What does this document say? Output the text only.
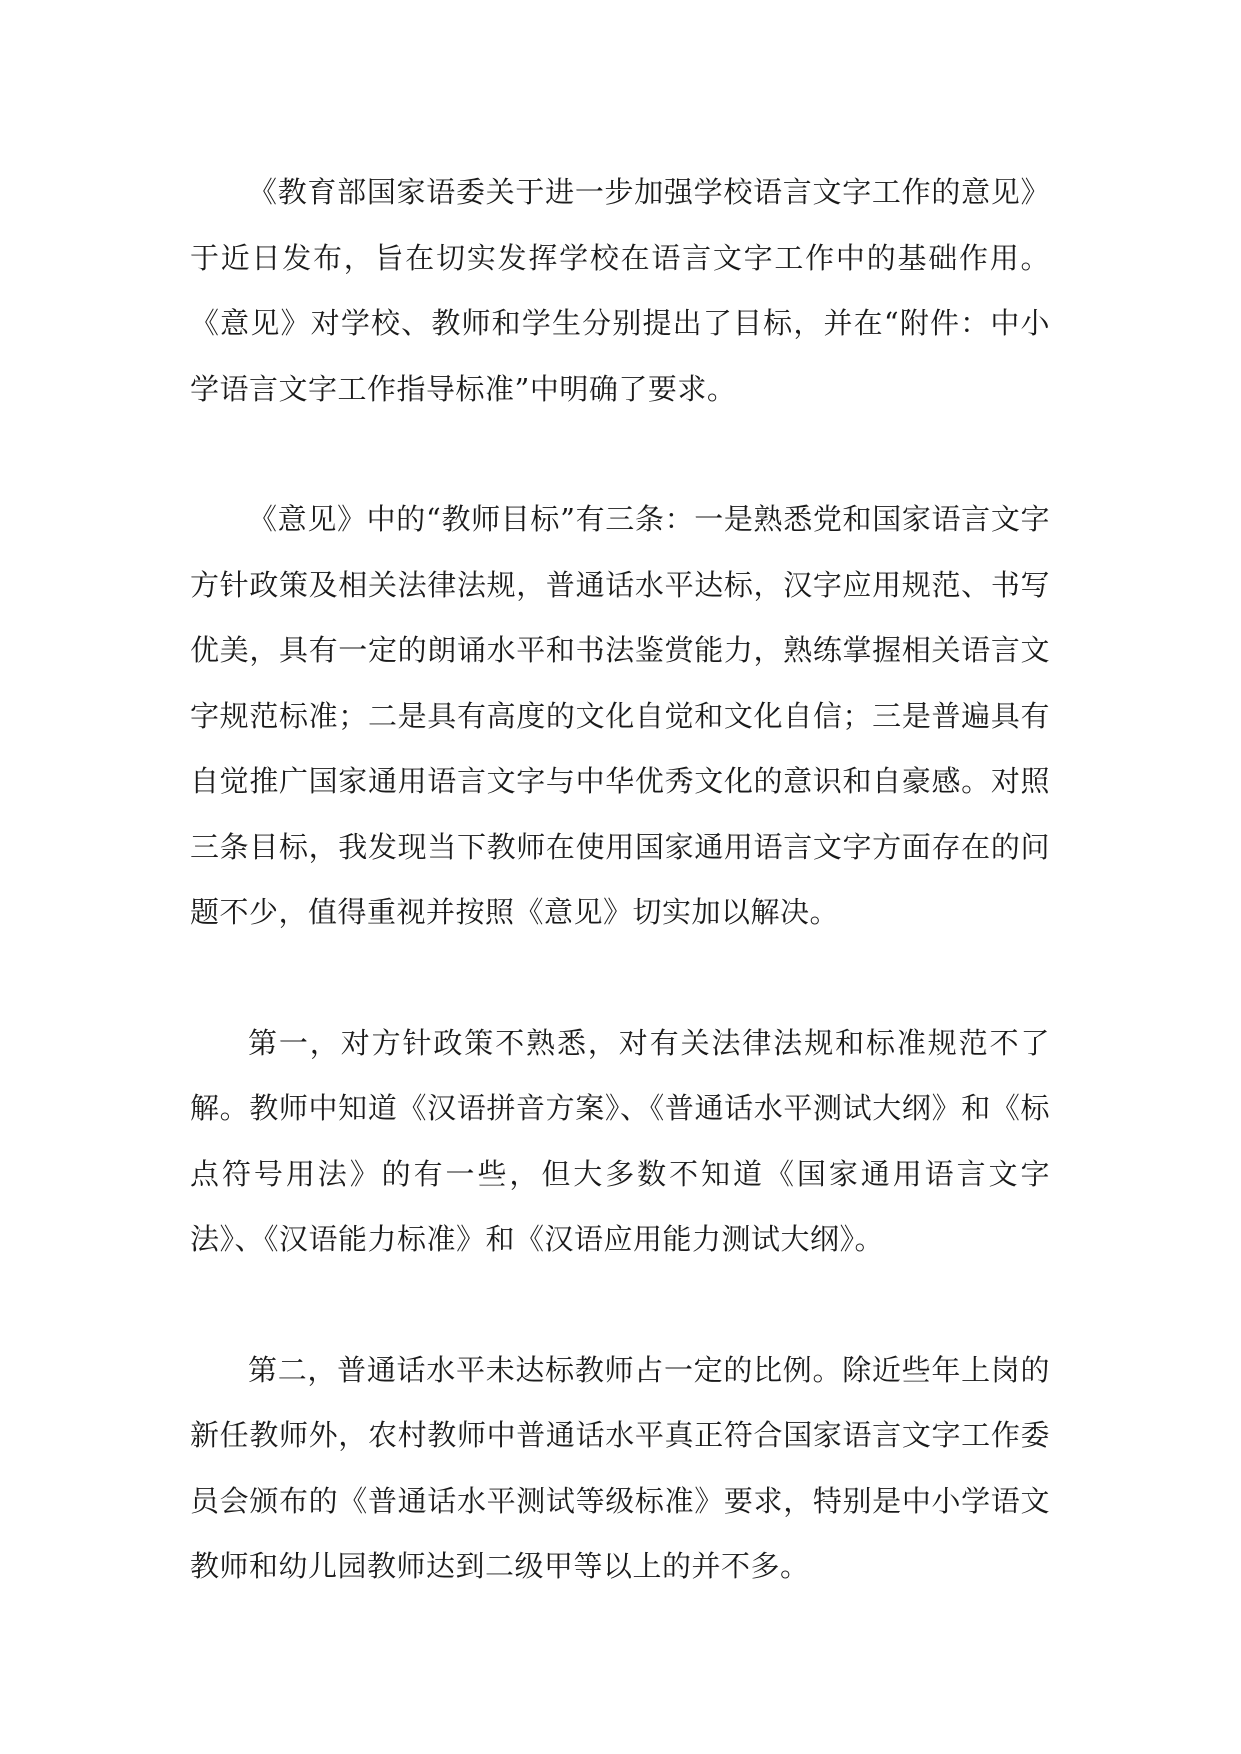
《教育部国家语委关于进一步加强学校语言文字工作的意见》于近日发布，旨在切实发挥学校在语言文字工作中的基础作用。《意见》对学校、教师和学生分别提出了目标，并在“附件：中小学语言文字工作指导标准”中明确了要求。

《意见》中的“教师目标”有三条：一是熟悉党和国家语言文字方针政策及相关法律法规，普通话水平达标，汉字应用规范、书写优美，具有一定的朗诵水平和书法鉴赏能力，熟练掌握相关语言文字规范标准；二是具有高度的文化自觉和文化自信；三是普遍具有自觉推广国家通用语言文字与中华优秀文化的意识和自豪感。对照三条目标，我发现当下教师在使用国家通用语言文字方面存在的问题不少，值得重视并按照《意见》切实加以解决。

第一，对方针政策不熟悉，对有关法律法规和标准规范不了解。教师中知道《汉语拼音方案》、《普通话水平测试大纲》和《标点符号用法》的有一些，但大多数不知道《国家通用语言文字法》、《汉语能力标准》和《汉语应用能力测试大纲》。

第二，普通话水平未达标教师占一定的比例。除近些年上岗的新任教师外，农村教师中普通话水平真正符合国家语言文字工作委员会颁布的《普通话水平测试等级标准》要求，特别是中小学语文教师和幼儿园教师达到二级甲等以上的并不多。
